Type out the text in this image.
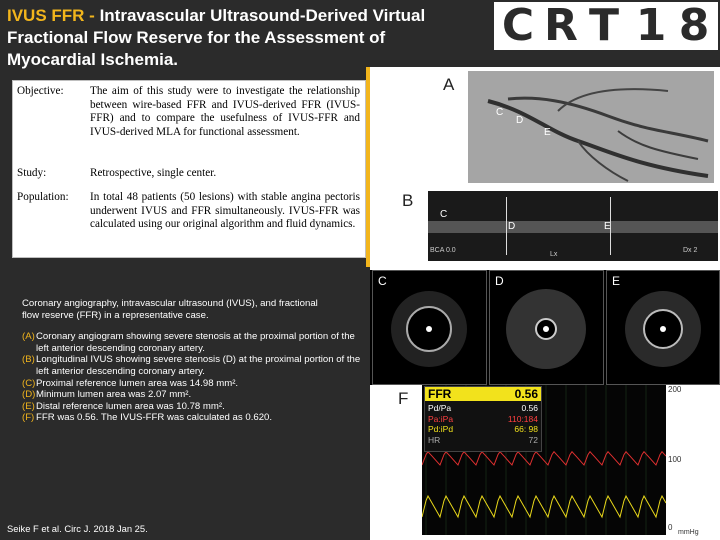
IVUS FFR - Intravascular Ultrasound-Derived Virtual Fractional Flow Reserve for the Assessment of Myocardial Ischemia.
C R T 1 8
Objective:	The aim of this study were to investigate the relationship between wire-based FFR and IVUS-derived FFR (IVUS-FFR) and to compare the usefulness of IVUS-FFR and IVUS-derived MLA for functional assessment.
Study:	Retrospective, single center.
Population:	In total 48 patients (50 lesions) with stable angina pectoris underwent IVUS and FFR simultaneously. IVUS-FFR was calculated using our original algorithm and fluid dynamics.
Coronary angiography, intravascular ultrasound (IVUS), and fractional flow reserve (FFR) in a representative case.
(A) Coronary angiogram showing severe stenosis at the proximal portion of the left anterior descending coronary artery.
(B) Longitudinal IVUS showing severe stenosis (D) at the proximal portion of the left anterior descending coronary artery.
(C) Proximal reference lumen area was 14.98 mm².
(D) Minimum lumen area was 2.07 mm².
(E) Distal reference lumen area was 10.78 mm².
(F) FFR was 0.56. The IVUS-FFR was calculated as 0.620.
Seike F et al. Circ J. 2018 Jan 25.
A
C
D
E
B
C
D	E
BCA 0.0
Lx
Dx 2
C	D	E
F FFR	0.56
Pd/Pa	0.56
Pa:iPa	110:184
Pd:iPd	66: 98
HR	72
200
100
0
mmHg
